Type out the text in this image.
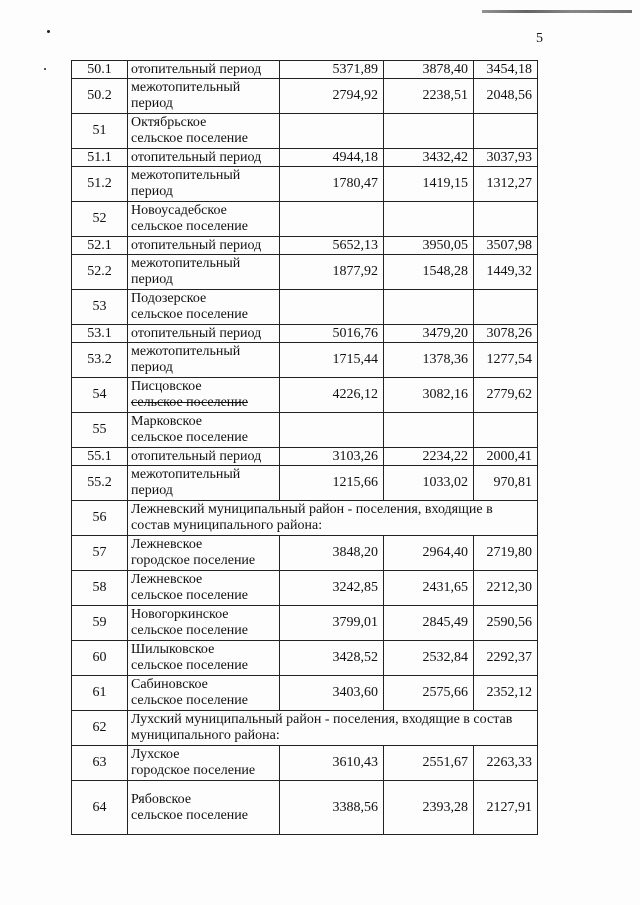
5
50.1	отопительный период	5371,89	3878,40	3454,18
50.2	межотопительный
период	2794,92	2238,51	2048,56
51	Октябрьское
сельское поселение			
51.1	отопительный период	4944,18	3432,42	3037,93
51.2	межотопительный
период	1780,47	1419,15	1312,27
52	Новоусадебское
сельское поселение			
52.1	отопительный период	5652,13	3950,05	3507,98
52.2	межотопительный
период	1877,92	1548,28	1449,32
53	Подозерское
сельское поселение			
53.1	отопительный период	5016,76	3479,20	3078,26
53.2	межотопительный
период	1715,44	1378,36	1277,54
54	Писцовское
сельское поселение	4226,12	3082,16	2779,62
55	Марковское
сельское поселение			
55.1	отопительный период	3103,26	2234,22	2000,41
55.2	межотопительный
период	1215,66	1033,02	970,81
56	Лежневский муниципальный район - поселения, входящие в
состав муниципального района:			

57	Лежневское
городское поселение	3848,20	2964,40	2719,80
58	Лежневское
сельское поселение	3242,85	2431,65	2212,30
59	Новогоркинское
сельское поселение	3799,01	2845,49	2590,56
60	Шилыковское
сельское поселение	3428,52	2532,84	2292,37
61	Сабиновское
сельское поселение	3403,60	2575,66	2352,12
62	Лухский муниципальный район - поселения, входящие в состав
муниципального района:			

63	Лухское
городское поселение	3610,43	2551,67	2263,33
64	Рябовское
сельское поселение	3388,56	2393,28	2127,91
